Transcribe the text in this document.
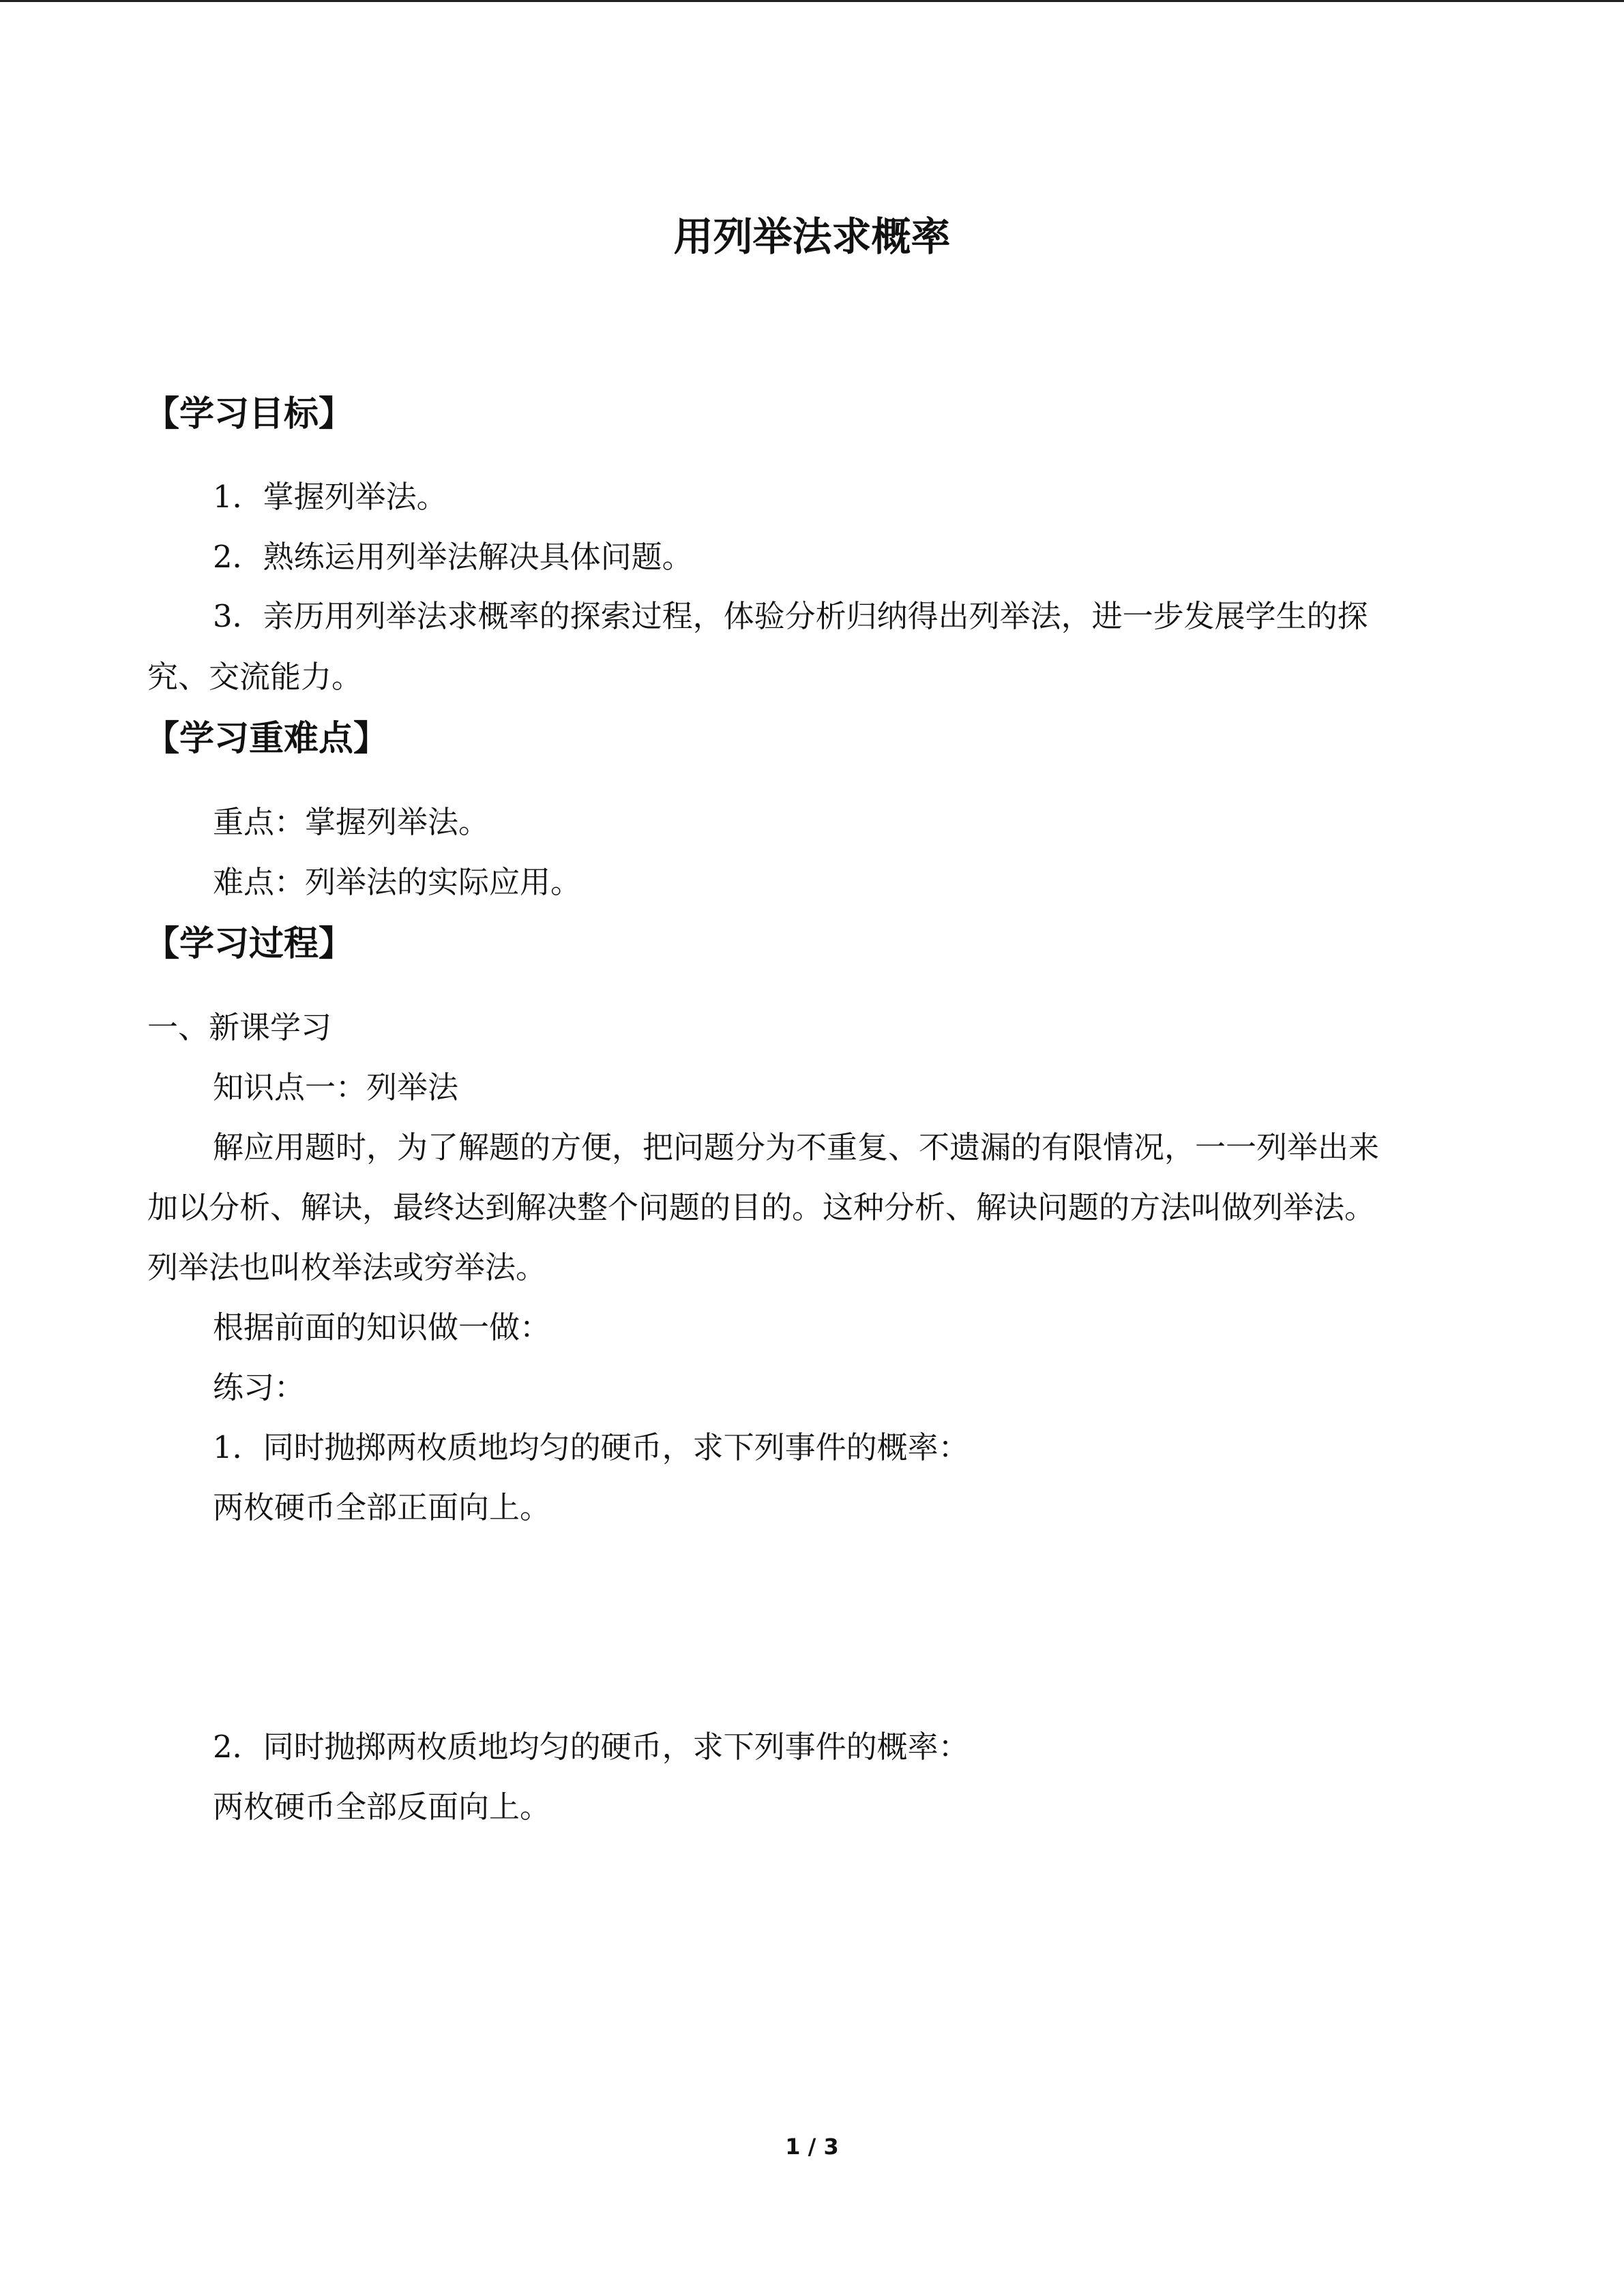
用列举法求概率
【学习目标】
1．掌握列举法。
2．熟练运用列举法解决具体问题。
3．亲历用列举法求概率的探索过程，体验分析归纳得出列举法，进一步发展学生的探
究、交流能力。
【学习重难点】
重点：掌握列举法。
难点：列举法的实际应用。
【学习过程】
一、新课学习
知识点一：列举法
解应用题时，为了解题的方便，把问题分为不重复、不遗漏的有限情况，一一列举出来
加以分析、解诀，最终达到解决整个问题的目的。这种分析、解诀问题的方法叫做列举法。
列举法也叫枚举法或穷举法。
根据前面的知识做一做：
练习：
1．同时抛掷两枚质地均匀的硬币，求下列事件的概率：
两枚硬币全部正面向上。
2．同时抛掷两枚质地均匀的硬币，求下列事件的概率：
两枚硬币全部反面向上。
1 / 3
